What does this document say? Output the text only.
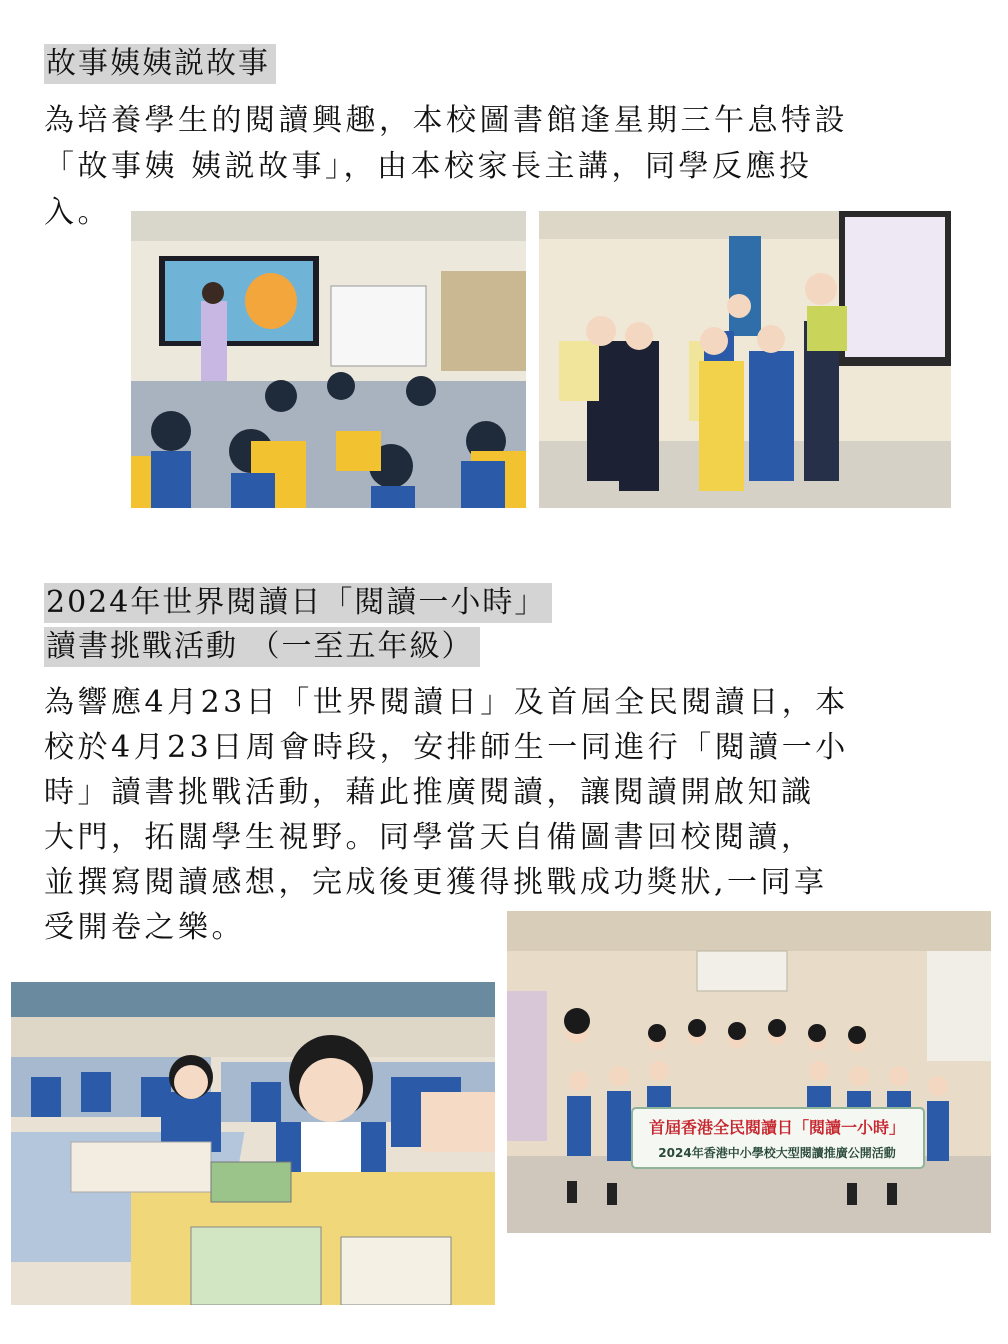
故事姨姨説故事
為培養學生的閱讀興趣，本校圖書館逢星期三午息特設
「故事姨 姨説故事」，由本校家長主講，同學反應投
入。
2024年世界閱讀日「閱讀一小時」
讀書挑戰活動 （一至五年級）
為響應4月23日「世界閱讀日」及首屆全民閱讀日，本
校於4月23日周會時段，安排師生一同進行「閱讀一小
時」讀書挑戰活動，藉此推廣閱讀，讓閱讀開啟知識
大門，拓闊學生視野。同學當天自備圖書回校閱讀，
並撰寫閱讀感想，完成後更獲得挑戰成功獎狀,一同享
受開卷之樂。
首屆香港全民閱讀日「閱讀一小時」
2024年香港中小學校大型閱讀推廣公開活動
